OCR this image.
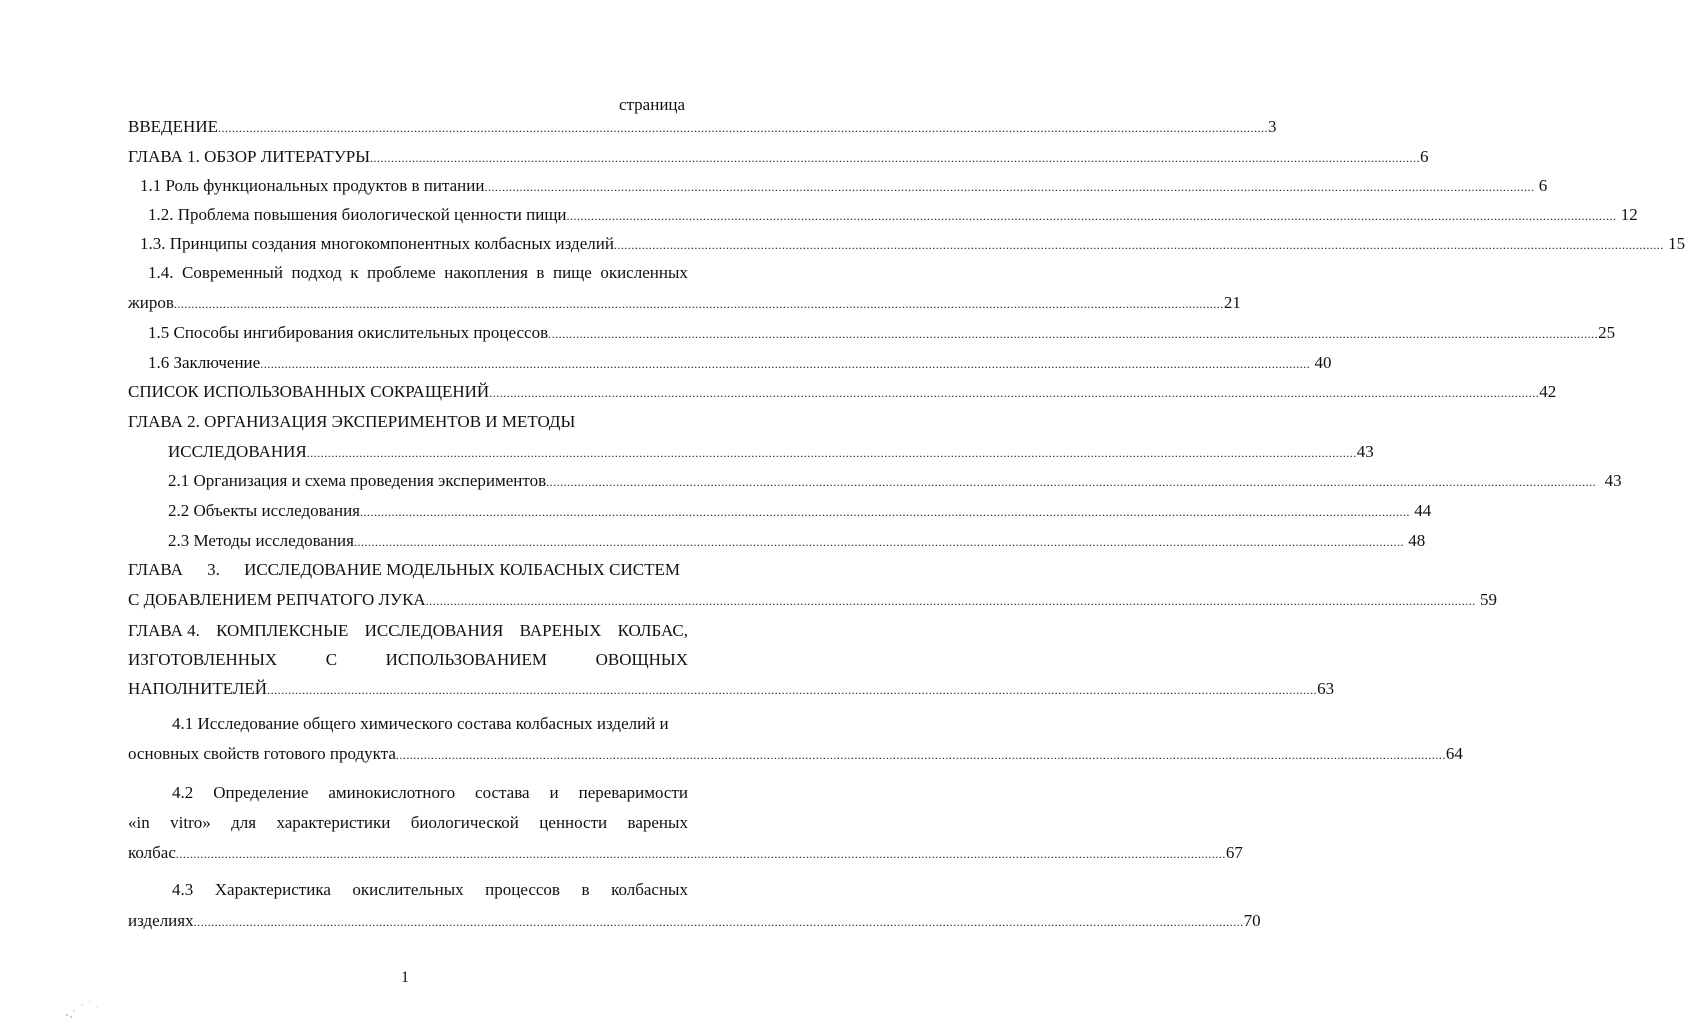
страница
ВВЕДЕНИЕ ............................................................................................................................................................................................................................................................................................................ 3
ГЛАВА 1. ОБЗОР ЛИТЕРАТУРЫ ............................................................................................................................................................................................................................................................................................................ 6
1.1 Роль функциональных продуктов в питании ............................................................................................................................................................................................................................................................................................................ 6
1.2. Проблема повышения биологической ценности пищи ............................................................................................................................................................................................................................................................................................................ 12
1.3. Принципы создания многокомпонентных колбасных изделий ............................................................................................................................................................................................................................................................................................................ 15
1.4. Современный подход к проблеме накопления в пище окисленных
жиров ............................................................................................................................................................................................................................................................................................................ 21
1.5 Способы ингибирования окислительных процессов ............................................................................................................................................................................................................................................................................................................ 25
1.6 Заключение ............................................................................................................................................................................................................................................................................................................ 40
СПИСОК ИСПОЛЬЗОВАННЫХ СОКРАЩЕНИЙ ............................................................................................................................................................................................................................................................................................................ 42
ГЛАВА 2. ОРГАНИЗАЦИЯ ЭКСПЕРИМЕНТОВ И МЕТОДЫ
ИССЛЕДОВАНИЯ ............................................................................................................................................................................................................................................................................................................ 43
2.1 Организация и схема проведения экспериментов ............................................................................................................................................................................................................................................................................................................ 43
2.2 Объекты исследования ............................................................................................................................................................................................................................................................................................................ 44
2.3 Методы исследования ............................................................................................................................................................................................................................................................................................................ 48
ГЛАВА 3. ИССЛЕДОВАНИЕ МОДЕЛЬНЫХ КОЛБАСНЫХ СИСТЕМ
С ДОБАВЛЕНИЕМ РЕПЧАТОГО ЛУКА ............................................................................................................................................................................................................................................................................................................ 59
ГЛАВА 4. КОМПЛЕКСНЫЕ ИССЛЕДОВАНИЯ ВАРЕНЫХ КОЛБАС,
ИЗГОТОВЛЕННЫХ	С	ИСПОЛЬЗОВАНИЕМ	ОВОЩНЫХ
НАПОЛНИТЕЛЕЙ ............................................................................................................................................................................................................................................................................................................ 63
4.1 Исследование общего химического состава колбасных изделий и
основных свойств готового продукта ............................................................................................................................................................................................................................................................................................................ 64
4.2 Определение аминокислотного состава и переваримости
«in vitro» для характеристики биологической ценности вареных
колбас ............................................................................................................................................................................................................................................................................................................ 67
4.3 Характеристика окислительных процессов в колбасных
изделиях ............................................................................................................................................................................................................................................................................................................ 70
1
